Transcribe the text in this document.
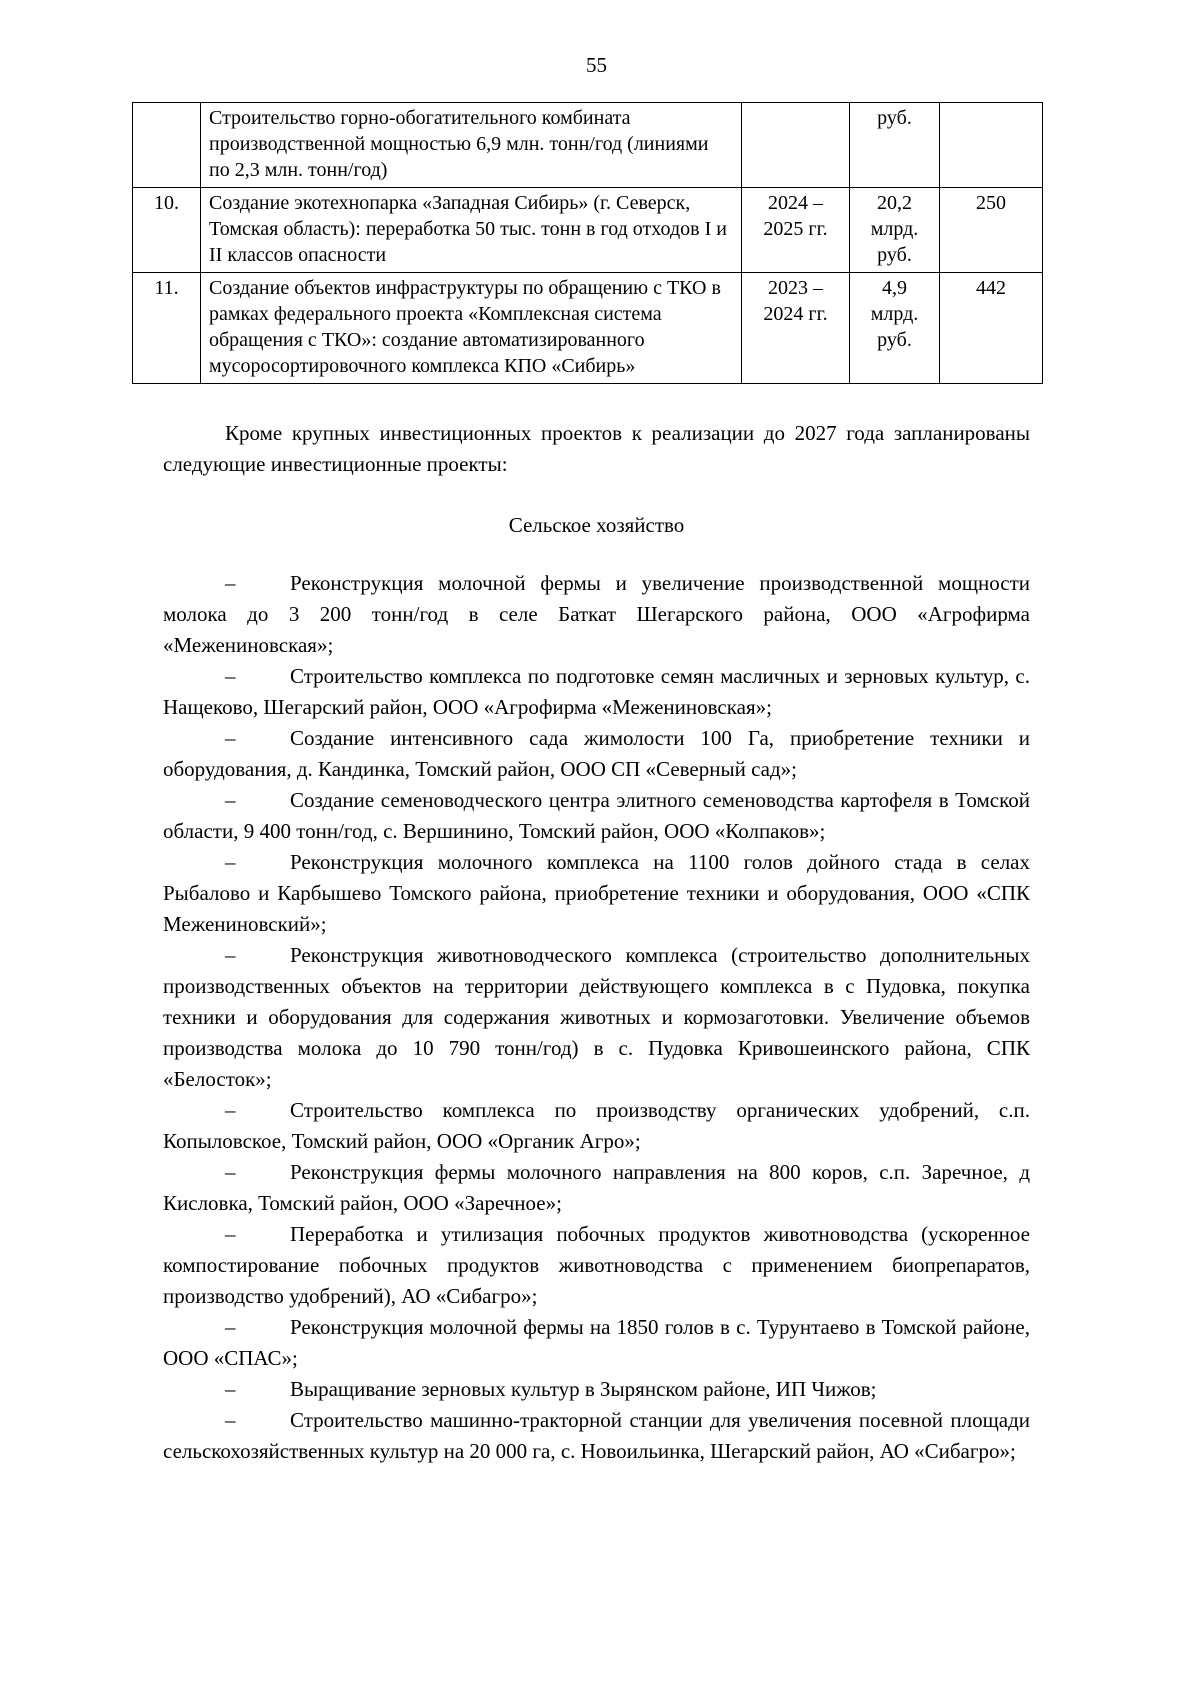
55
	Строительство горно-обогатительного комбината производственной мощностью 6,9 млн. тонн/год (линиями по 2,3 млн. тонн/год)		руб.	
10.	Создание экотехнопарка «Западная Сибирь» (г. Северск, Томская область): переработка 50 тыс. тонн в год отходов I и II классов опасности	2024 – 2025 гг.	20,2 млрд. руб.	250
11.	Создание объектов инфраструктуры по обращению с ТКО в рамках федерального проекта «Комплексная система обращения с ТКО»: создание автоматизированного мусоросортировочного комплекса КПО «Сибирь»	2023 – 2024 гг.	4,9 млрд. руб.	442

Кроме крупных инвестиционных проектов к реализации до 2027 года запланированы следующие инвестиционные проекты:

Сельское хозяйство

–	Реконструкция молочной фермы и увеличение производственной мощности молока до 3 200 тонн/год в селе Баткат Шегарского района, ООО «Агрофирма «Межениновская»;

–	Строительство комплекса по подготовке семян масличных и зерновых культур, с. Нащеково, Шегарский район, ООО «Агрофирма «Межениновская»;

–	Создание интенсивного сада жимолости 100 Га, приобретение техники и оборудования, д. Кандинка, Томский район, ООО СП «Северный сад»;

–	Создание семеноводческого центра элитного семеноводства картофеля в Томской области, 9 400 тонн/год, с. Вершинино, Томский район, ООО «Колпаков»;

–	Реконструкция молочного комплекса на 1100 голов дойного стада в селах Рыбалово и Карбышево Томского района, приобретение техники и оборудования, ООО «СПК Межениновский»;

–	Реконструкция животноводческого комплекса (строительство дополнительных производственных объектов на территории действующего комплекса в с Пудовка, покупка техники и оборудования для содержания животных и кормозаготовки. Увеличение объемов производства молока до 10 790 тонн/год) в с. Пудовка Кривошеинского района, СПК «Белосток»;

–	Строительство комплекса по производству органических удобрений, с.п. Копыловское, Томский район, ООО «Органик Агро»;

–	Реконструкция фермы молочного направления на 800 коров, с.п. Заречное, д Кисловка, Томский район, ООО «Заречное»;

–	Переработка и утилизация побочных продуктов животноводства (ускоренное компостирование побочных продуктов животноводства с применением биопрепаратов, производство удобрений), АО «Сибагро»;

–	Реконструкция молочной фермы на 1850 голов в с. Турунтаево в Томской районе, ООО «СПАС»;

–	Выращивание зерновых культур в Зырянском районе, ИП Чижов;

–	Строительство машинно-тракторной станции для увеличения посевной площади сельскохозяйственных культур на 20 000 га, с. Новоильинка, Шегарский район, АО «Сибагро»;
